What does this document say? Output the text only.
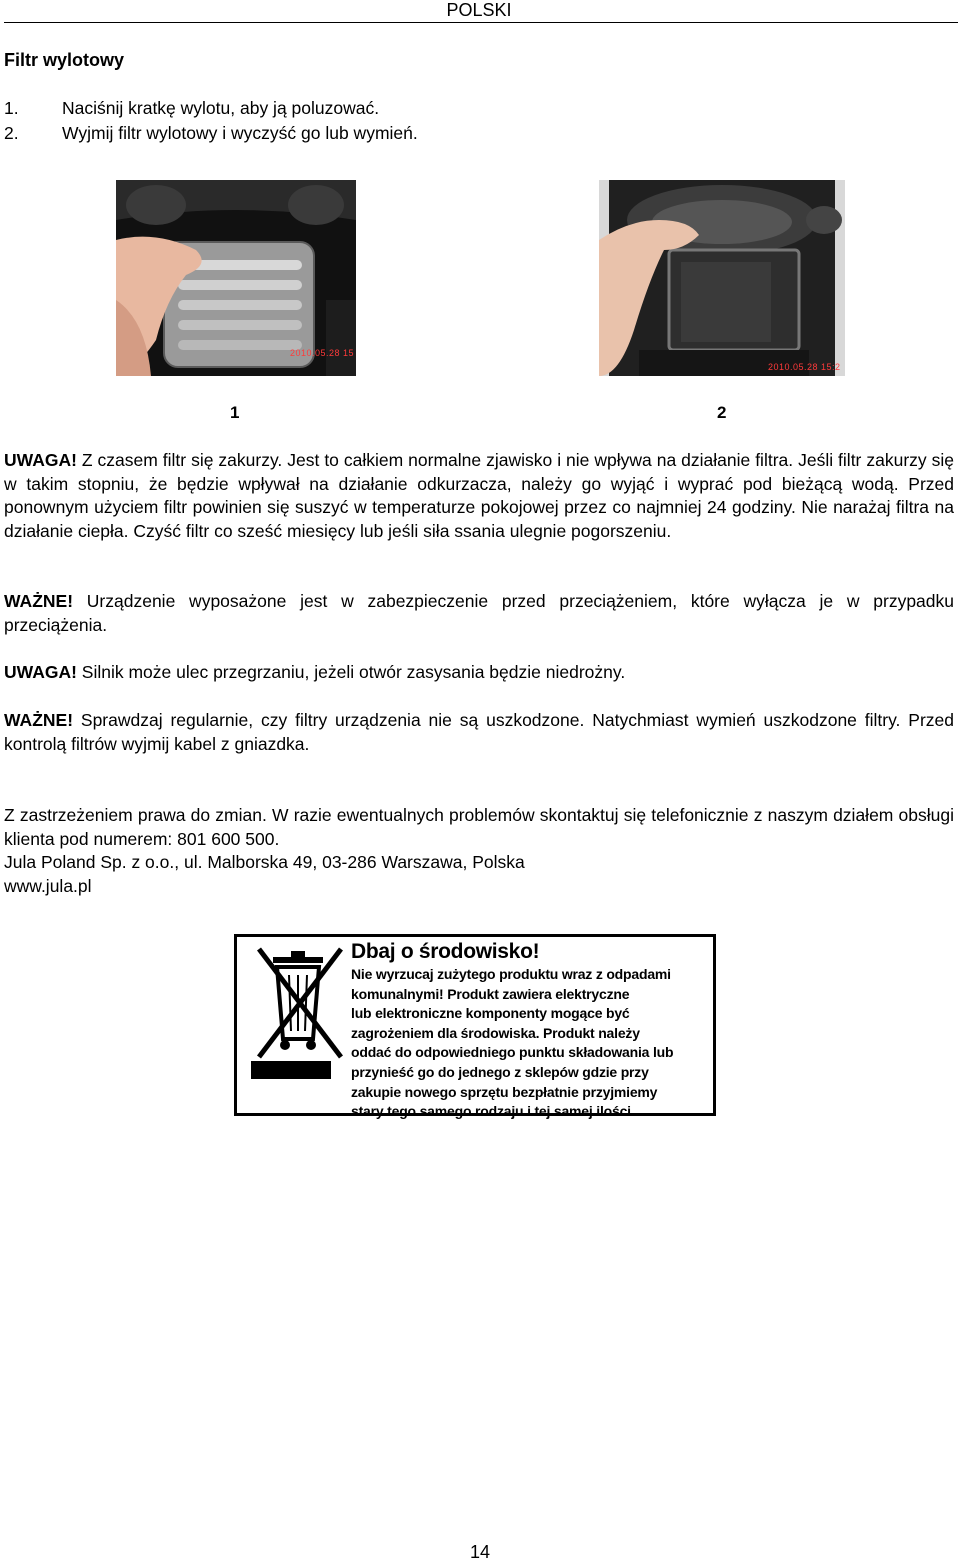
POLSKI
Filtr wylotowy
1.	Naciśnij kratkę wylotu, aby ją poluzować.
2.	Wyjmij filtr wylotowy i wyczyść go lub wymień.
2010.05.28 15
2010.05.28 15:2
1	2

UWAGA! Z czasem filtr się zakurzy. Jest to całkiem normalne zjawisko i nie wpływa na działanie filtra. Jeśli filtr zakurzy się w takim stopniu, że będzie wpływał na działanie odkurzacza, należy go wyjąć i wyprać pod bieżącą wodą. Przed ponownym użyciem filtr powinien się suszyć w temperaturze pokojowej przez co najmniej 24 godziny. Nie narażaj filtra na działanie ciepła. Czyść filtr co sześć miesięcy lub jeśli siła ssania ulegnie pogorszeniu.

WAŻNE! Urządzenie wyposażone jest w zabezpieczenie przed przeciążeniem, które wyłącza je w przypadku przeciążenia.

UWAGA! Silnik może ulec przegrzaniu, jeżeli otwór zasysania będzie niedrożny.

WAŻNE! Sprawdzaj regularnie, czy filtry urządzenia nie są uszkodzone. Natychmiast wymień uszkodzone filtry. Przed kontrolą filtrów wyjmij kabel z gniazdka.

Z zastrzeżeniem prawa do zmian. W razie ewentualnych problemów skontaktuj się telefonicznie z naszym działem obsługi klienta pod numerem: 801 600 500.
Jula Poland Sp. z o.o., ul. Malborska 49, 03-286 Warszawa, Polska
www.jula.pl

Dbaj o środowisko!
Nie wyrzucaj zużytego produktu wraz z odpadami
komunalnymi! Produkt zawiera elektryczne
lub elektroniczne komponenty mogące być
zagrożeniem dla środowiska. Produkt należy
oddać do odpowiedniego punktu składowania lub
przynieść go do jednego z sklepów gdzie przy
zakupie nowego sprzętu bezpłatnie przyjmiemy
stary tego samego rodzaju i tej samej ilości.
14
